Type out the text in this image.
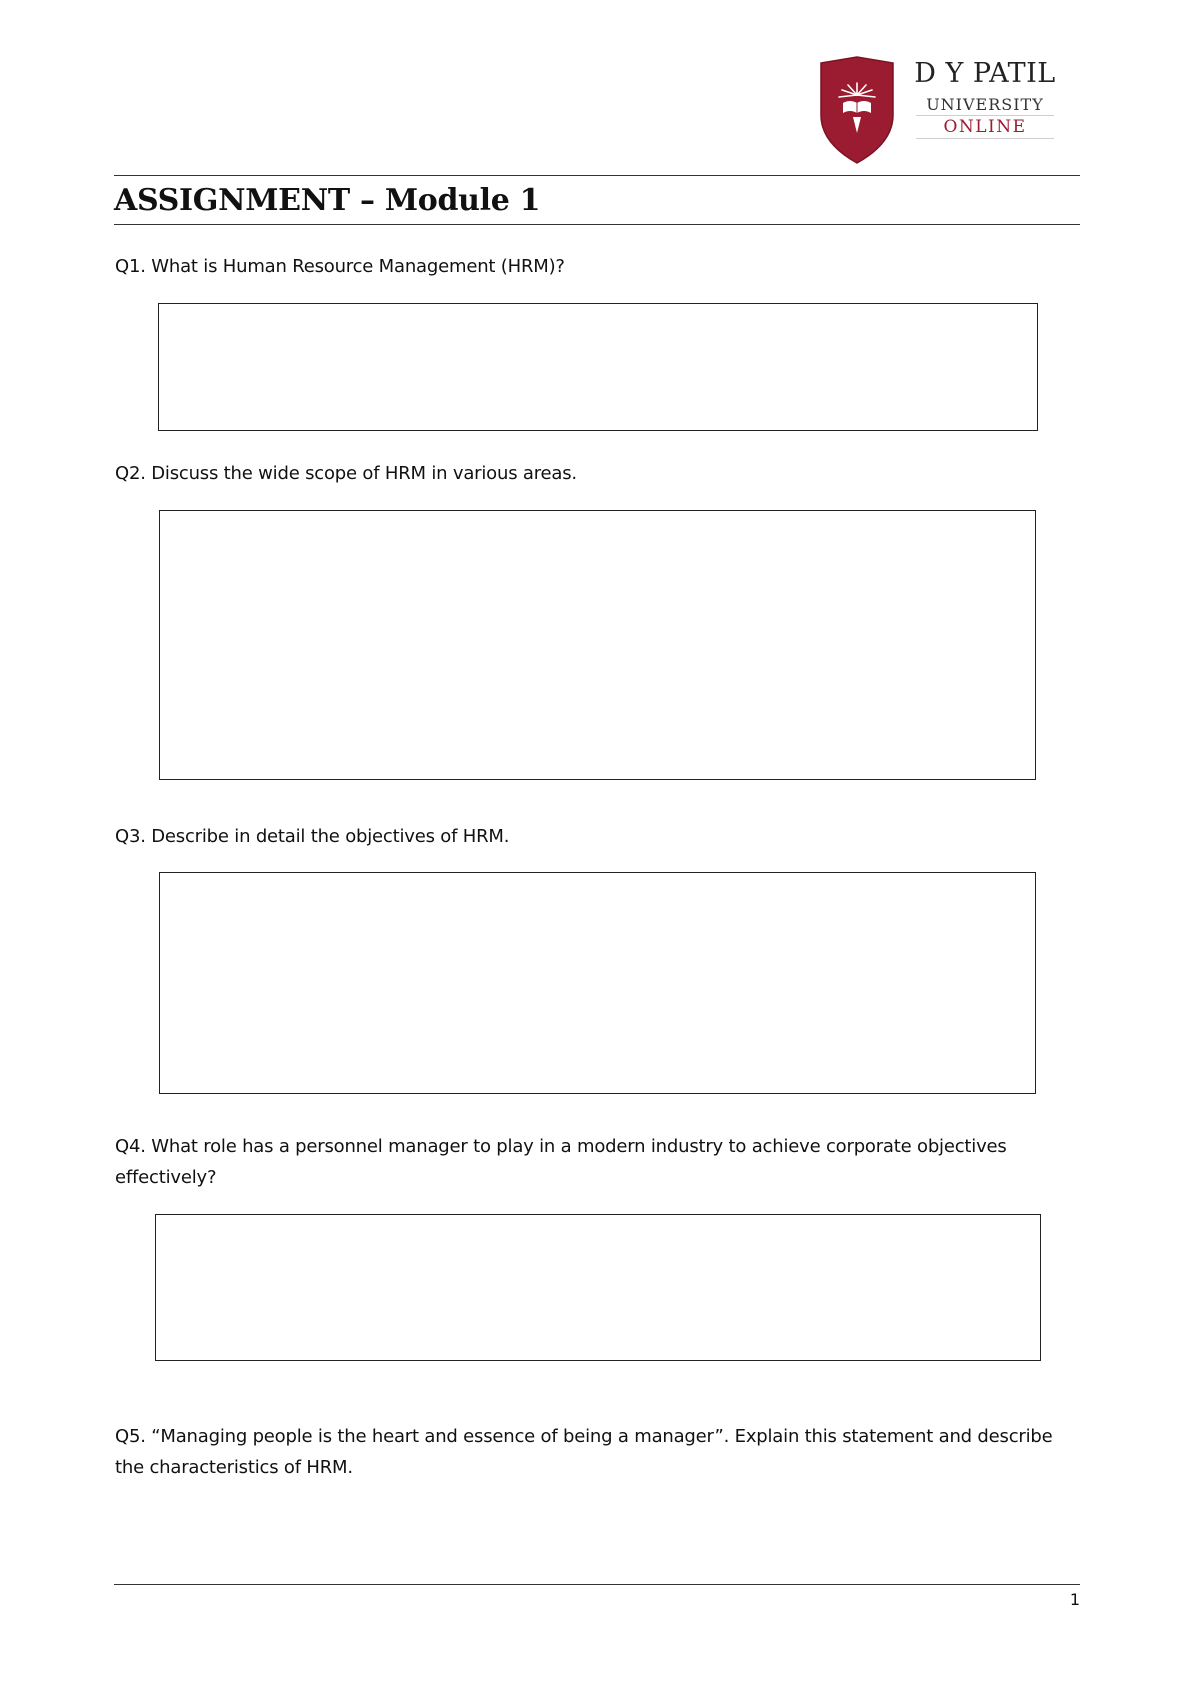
D Y PATIL
UNIVERSITY
ONLINE
ASSIGNMENT – Module 1

Q1. What is Human Resource Management (HRM)?

Q2. Discuss the wide scope of HRM in various areas.

Q3. Describe in detail the objectives of HRM.

Q4. What role has a personnel manager to play in a modern industry to achieve corporate objectives effectively?

Q5. “Managing people is the heart and essence of being a manager”. Explain this statement and describe the characteristics of HRM.

1
